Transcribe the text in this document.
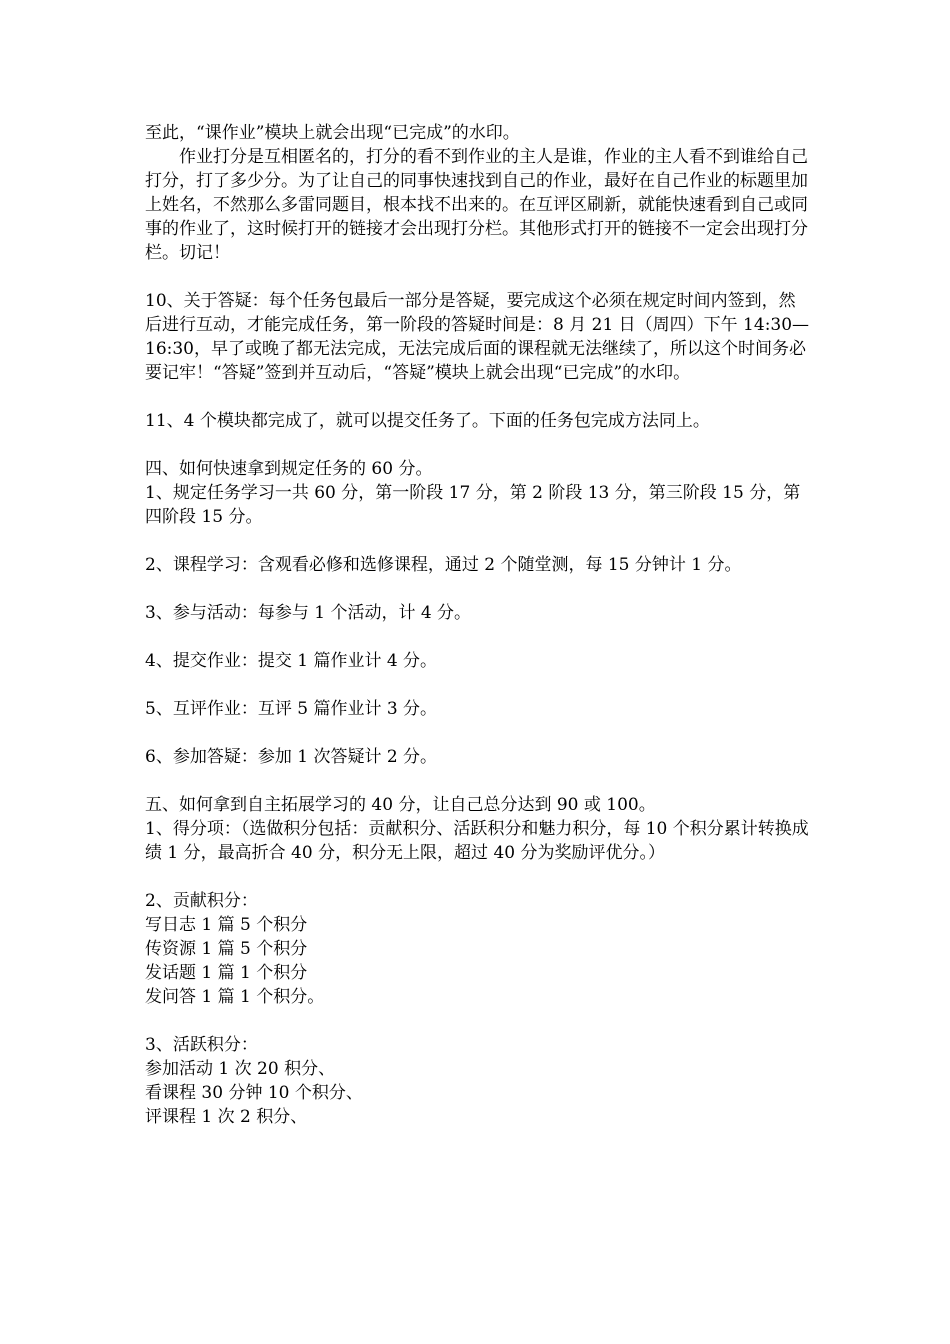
至此，“课作业”模块上就会出现“已完成”的水印。

作业打分是互相匿名的，打分的看不到作业的主人是谁，作业的主人看不到谁给自己打分，打了多少分。为了让自己的同事快速找到自己的作业，最好在自己作业的标题里加上姓名，不然那么多雷同题目，根本找不出来的。在互评区刷新，就能快速看到自己或同事的作业了，这时候打开的链接才会出现打分栏。其他形式打开的链接不一定会出现打分栏。切记！

10、关于答疑：每个任务包最后一部分是答疑，要完成这个必须在规定时间内签到，然后进行互动，才能完成任务，第一阶段的答疑时间是：8 月 21 日（周四）下午 14:30—16:30，早了或晚了都无法完成，无法完成后面的课程就无法继续了，所以这个时间务必要记牢！“答疑”签到并互动后，“答疑”模块上就会出现“已完成”的水印。

11、4 个模块都完成了，就可以提交任务了。下面的任务包完成方法同上。

四、如何快速拿到规定任务的 60 分。

1、规定任务学习一共 60 分，第一阶段 17 分，第 2 阶段 13 分，第三阶段 15 分，第四阶段 15 分。

2、课程学习：含观看必修和选修课程，通过 2 个随堂测，每 15 分钟计 1 分。

3、参与活动：每参与 1 个活动，计 4 分。

4、提交作业：提交 1 篇作业计 4 分。

5、互评作业：互评 5 篇作业计 3 分。

6、参加答疑：参加 1 次答疑计 2 分。

五、如何拿到自主拓展学习的 40 分，让自己总分达到 90 或 100。

1、得分项：（选做积分包括：贡献积分、活跃积分和魅力积分，每 10 个积分累计转换成绩 1 分，最高折合 40 分，积分无上限，超过 40 分为奖励评优分。）

2、贡献积分：

写日志 1 篇 5 个积分

传资源 1 篇 5 个积分

发话题 1 篇 1 个积分

发问答 1 篇 1 个积分。

3、活跃积分：

参加活动 1 次 20 积分、

看课程 30 分钟 10 个积分、

评课程 1 次 2 积分、
